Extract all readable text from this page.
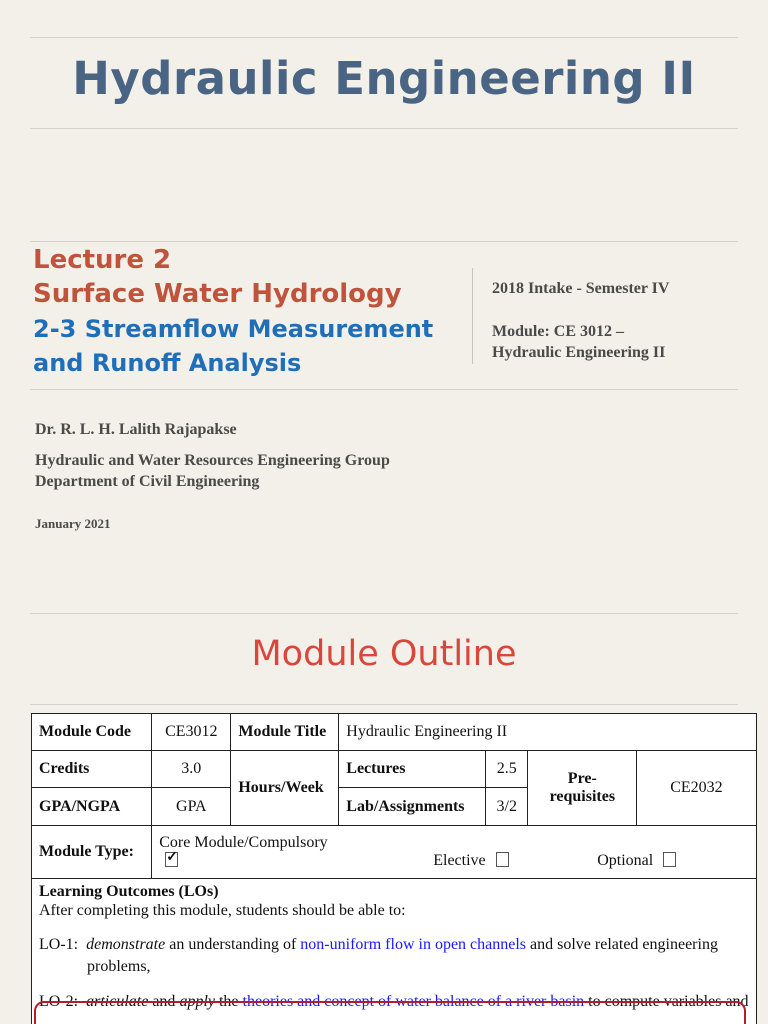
Hydraulic Engineering II
Lecture 2
Surface Water Hydrology
2-3 Streamflow Measurement
and Runoff Analysis
2018 Intake - Semester IV
Module: CE 3012 –
Hydraulic Engineering II
Dr. R. L. H. Lalith Rajapakse
Hydraulic and Water Resources Engineering Group
Department of Civil Engineering
January 2021
Module Outline
Module Code	CE3012	Module Title	Hydraulic Engineering II			
Credits	3.0	Hours/Week	Lectures	2.5	Pre-requisites	CE2032
GPA/NGPA	GPA		Lab/Assignments	3/2		
Module Type:	Core Module/Compulsory ✓ Elective Optional

Learning Outcomes (LOs)
After completing this module, students should be able to:
LO-1: demonstrate an understanding of non-uniform flow in open channels and solve related engineering problems,
LO-2: articulate and apply the theories and concept of water balance of a river basin to compute variables and						
